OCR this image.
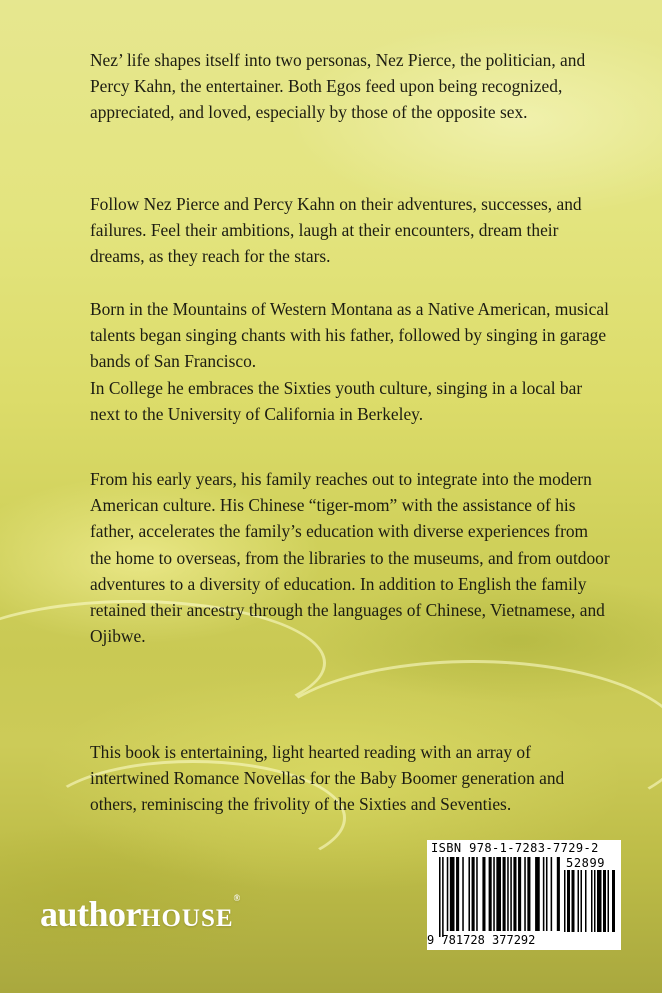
Nez’ life shapes itself into two personas, Nez Pierce, the politician, and Percy Kahn, the entertainer. Both Egos feed upon being recognized, appreciated, and loved, especially by those of the opposite sex.

Follow Nez Pierce and Percy Kahn on their adventures, successes, and failures. Feel their ambitions, laugh at their encounters, dream their dreams, as they reach for the stars.

Born in the Mountains of Western Montana as a Native American, musical talents began singing chants with his father, followed by singing in garage bands of San Francisco.

In College he embraces the Sixties youth culture, singing in a local bar next to the University of California in Berkeley.

From his early years, his family reaches out to integrate into the modern American culture. His Chinese “tiger-mom” with the assistance of his father, accelerates the family’s education with diverse experiences from the home to overseas, from the libraries to the museums, and from outdoor adventures to a diversity of education. In addition to English the family retained their ancestry through the languages of Chinese, Vietnamese, and Ojibwe.

This book is entertaining, light hearted reading with an array of intertwined Romance Novellas for the Baby Boomer generation and others, reminiscing the frivolity of the Sixties and Seventies.

authorHOUSE®
ISBN 978-1-7283-7729-2
52899
9 781728 377292
